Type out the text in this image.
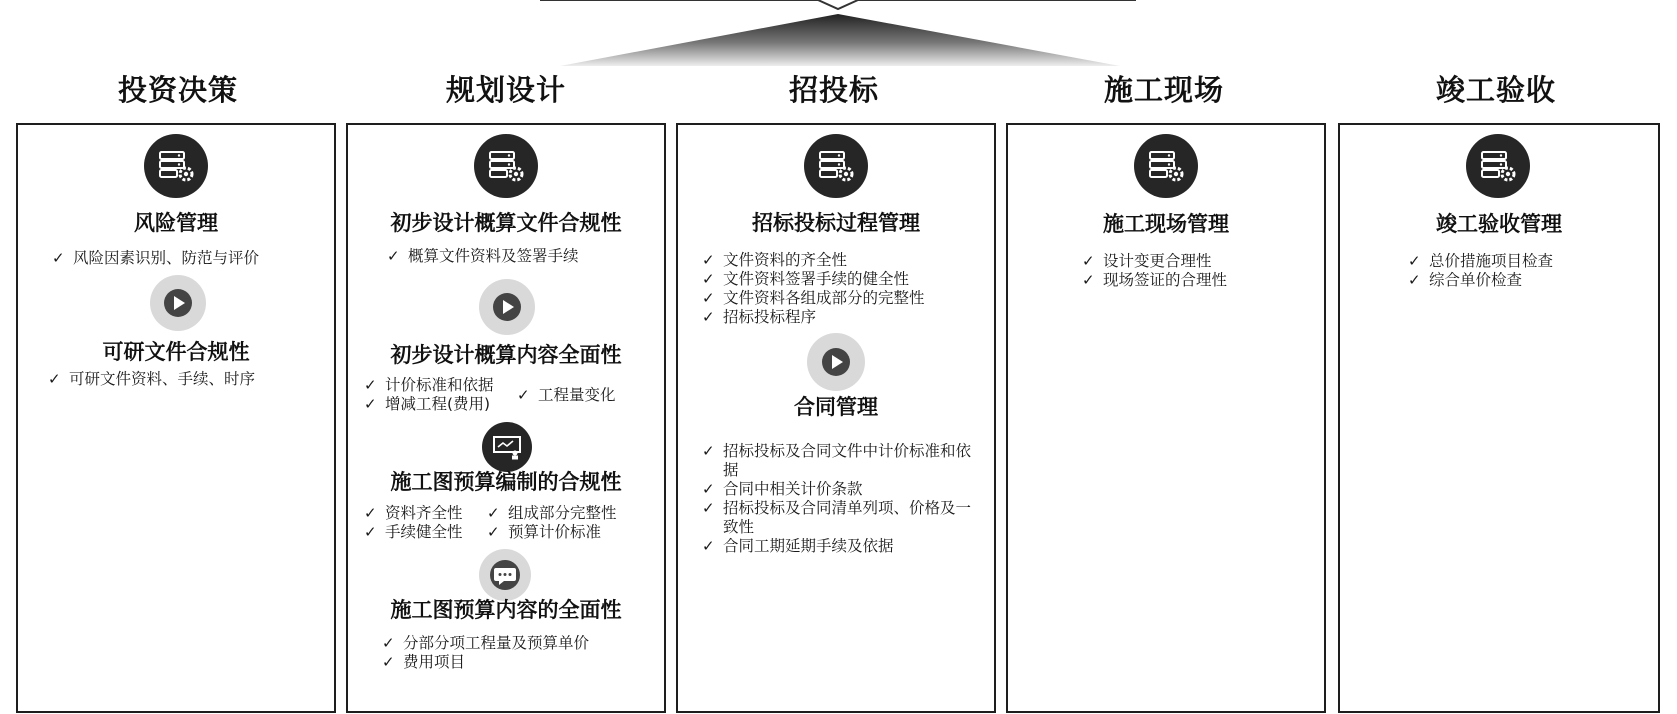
投资决策	规划设计	招投标	施工现场	竣工验收
风险管理
✓ 风险因素识别、防范与评价
可研文件合规性
✓ 可研文件资料、手续、时序
初步设计概算文件合规性
✓ 概算文件资料及签署手续
初步设计概算内容全面性
✓ 计价标准和依据
✓ 增减工程(费用)
✓	工程量变化
施工图预算编制的合规性
✓ 资料齐全性
✓ 手续健全性
✓ 组成部分完整性
✓ 预算计价标准
施工图预算内容的全面性
✓ 分部分项工程量及预算单价
✓ 费用项目
招标投标过程管理
✓ 文件资料的齐全性
✓ 文件资料签署手续的健全性
✓ 文件资料各组成部分的完整性
✓ 招标投标程序
合同管理
✓ 招标投标及合同文件中计价标准和依据
✓ 合同中相关计价条款
✓ 招标投标及合同清单列项、价格及一致性
✓ 合同工期延期手续及依据
施工现场管理
✓ 设计变更合理性
✓ 现场签证的合理性
竣工验收管理
✓ 总价措施项目检查
✓ 综合单价检查
